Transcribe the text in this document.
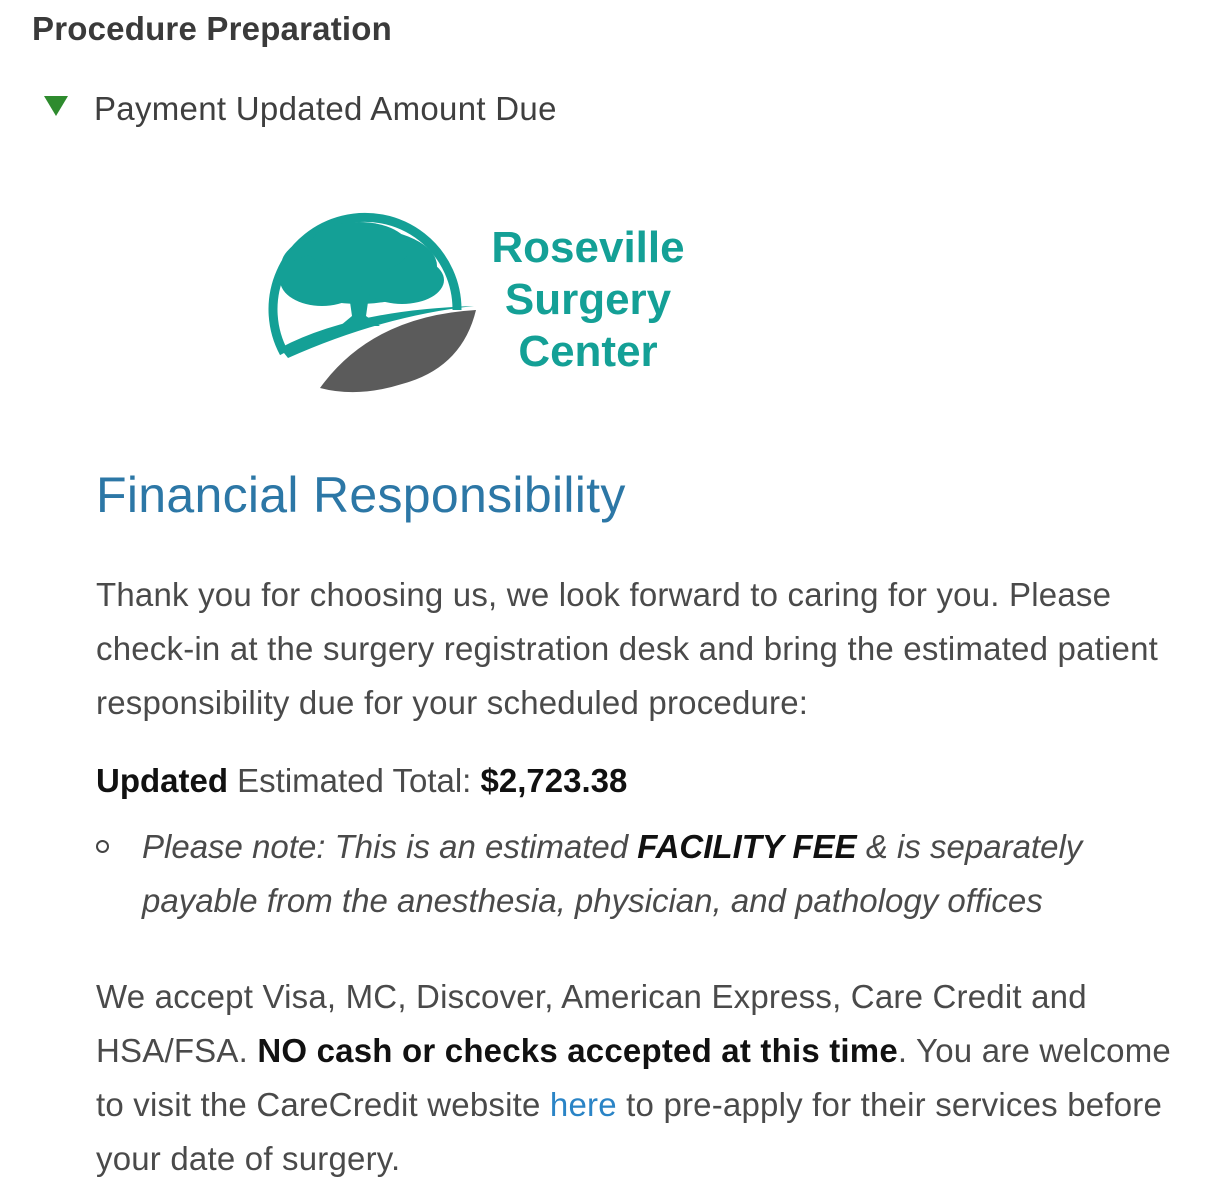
Procedure Preparation
Payment Updated Amount Due
Roseville
Surgery
Center
Financial Responsibility
Thank you for choosing us, we look forward to caring for you. Please check-in at the surgery registration desk and bring the estimated patient responsibility due for your scheduled procedure:
Updated Estimated Total: $2,723.38
Please note: This is an estimated FACILITY FEE & is separately payable from the anesthesia, physician, and pathology offices
We accept Visa, MC, Discover, American Express, Care Credit and HSA/FSA. NO cash or checks accepted at this time. You are welcome to visit the CareCredit website here to pre-apply for their services before your date of surgery.
